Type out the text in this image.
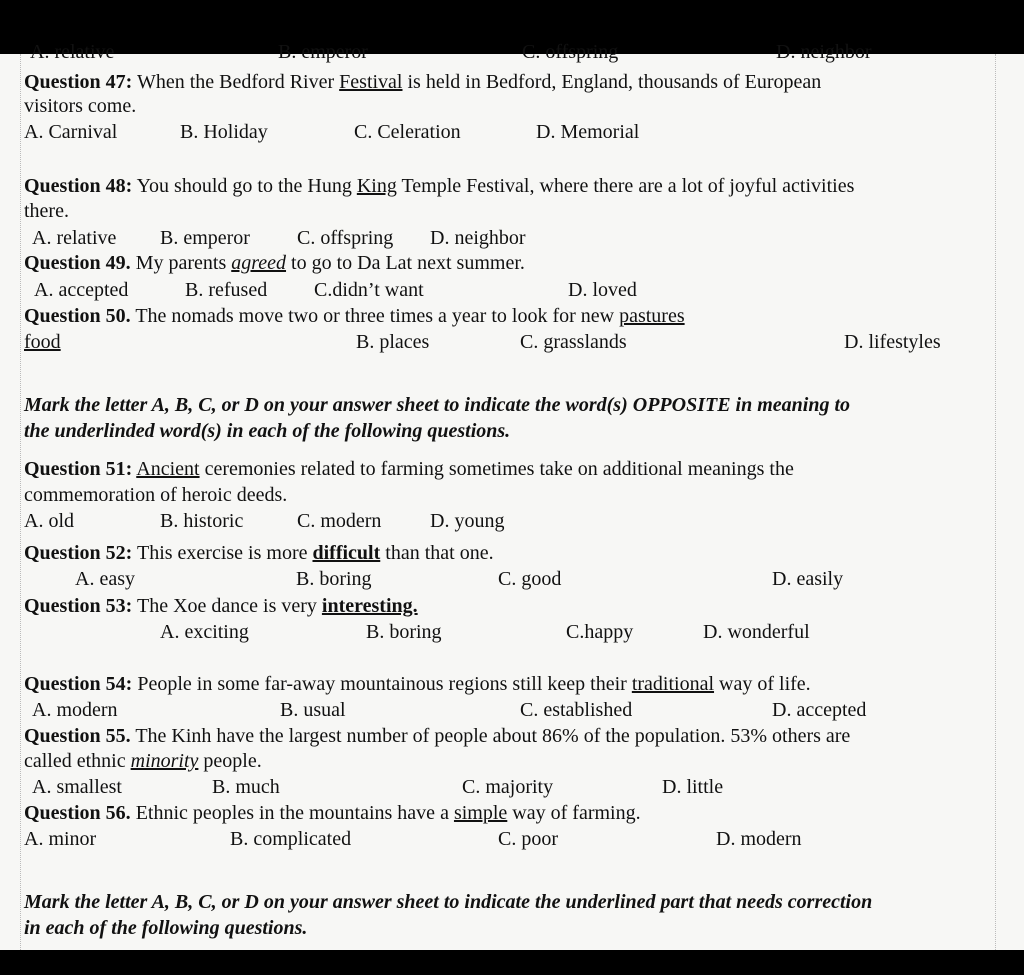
A. relative	B. emperor	C. offspring	D. neighbor
Question 47: When the Bedford River Festival is held in Bedford, England, thousands of European
visitors come.
A. Carnival	B. Holiday	C. Celeration	D. Memorial
Question 48: You should go to the Hung King Temple Festival, where there are a lot of joyful activities
there.
A. relative B. emperor C. offspring D. neighbor
Question 49. My parents agreed to go to Da Lat next summer.
A. accepted	B. refused C.didn’t want	D. loved
Question 50. The nomads move two or three times a year to look for new pastures
food	B. places	C. grasslands	D. lifestyles
Mark the letter A, B, C, or D on your answer sheet to indicate the word(s) OPPOSITE in meaning to
the underlinded word(s) in each of the following questions.
Question 51: Ancient ceremonies related to farming sometimes take on additional meanings the
commemoration of heroic deeds.
A. old	B. historic	C. modern D. young
Question 52: This exercise is more difficult than that one.
A. easy	B. boring	C. good	D. easily
Question 53: The Xoe dance is very interesting.
A. exciting	B. boring	C.happy	D. wonderful
Question 54: People in some far-away mountainous regions still keep their traditional way of life.
A. modern	B. usual	C. established	D. accepted
Question 55. The Kinh have the largest number of people about 86% of the population. 53% others are
called ethnic minority people.
A. smallest	B. much	C. majority	D. little
Question 56. Ethnic peoples in the mountains have a simple way of farming.
A. minor	B. complicated	C. poor	D. modern
Mark the letter A, B, C, or D on your answer sheet to indicate the underlined part that needs correction
in each of the following questions.
